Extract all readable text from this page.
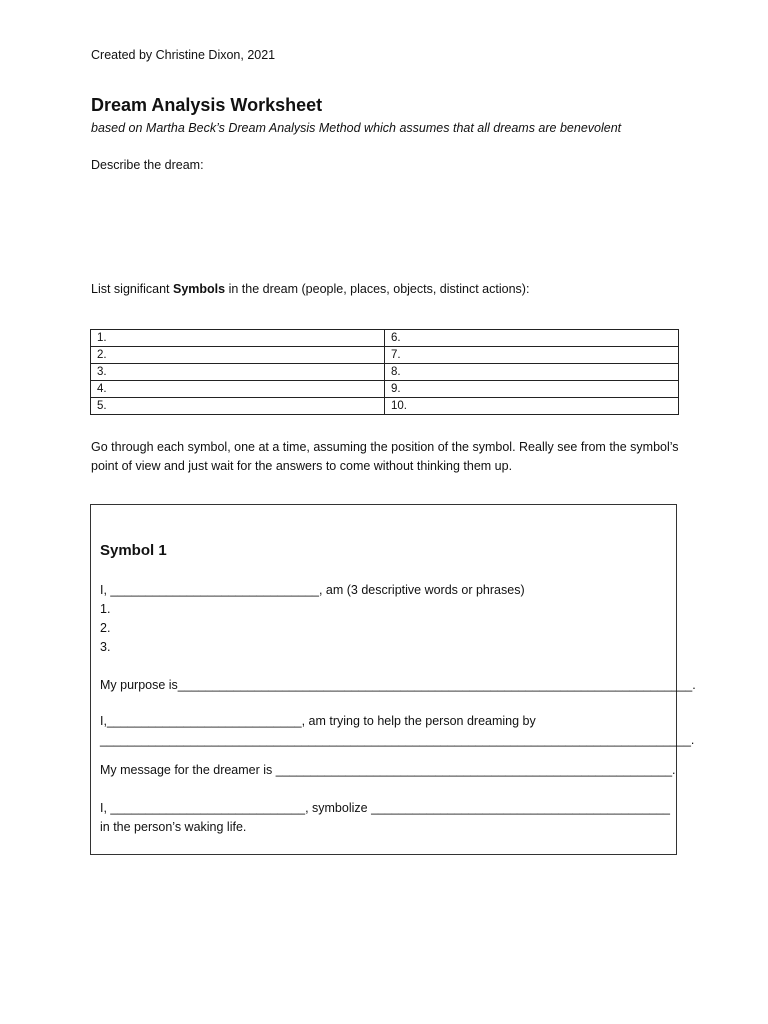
Created by Christine Dixon, 2021
Dream Analysis Worksheet
based on Martha Beck’s Dream Analysis Method which assumes that all dreams are benevolent
Describe the dream:
List significant Symbols in the dream (people, places, objects, distinct actions):
1.	6.
2.	7.
3.	8.
4.	9.
5.	10.
Go through each symbol, one at a time, assuming the position of the symbol. Really see from the symbol’s point of view and just wait for the answers to come without thinking them up.
Symbol 1
I, ______________________________, am (3 descriptive words or phrases)
1.
2.
3.
My purpose is__________________________________________________________________________.
I,____________________________, am trying to help the person dreaming by
_____________________________________________________________________________________.
My message for the dreamer is _________________________________________________________.
I, ____________________________, symbolize ___________________________________________
in the person’s waking life.
